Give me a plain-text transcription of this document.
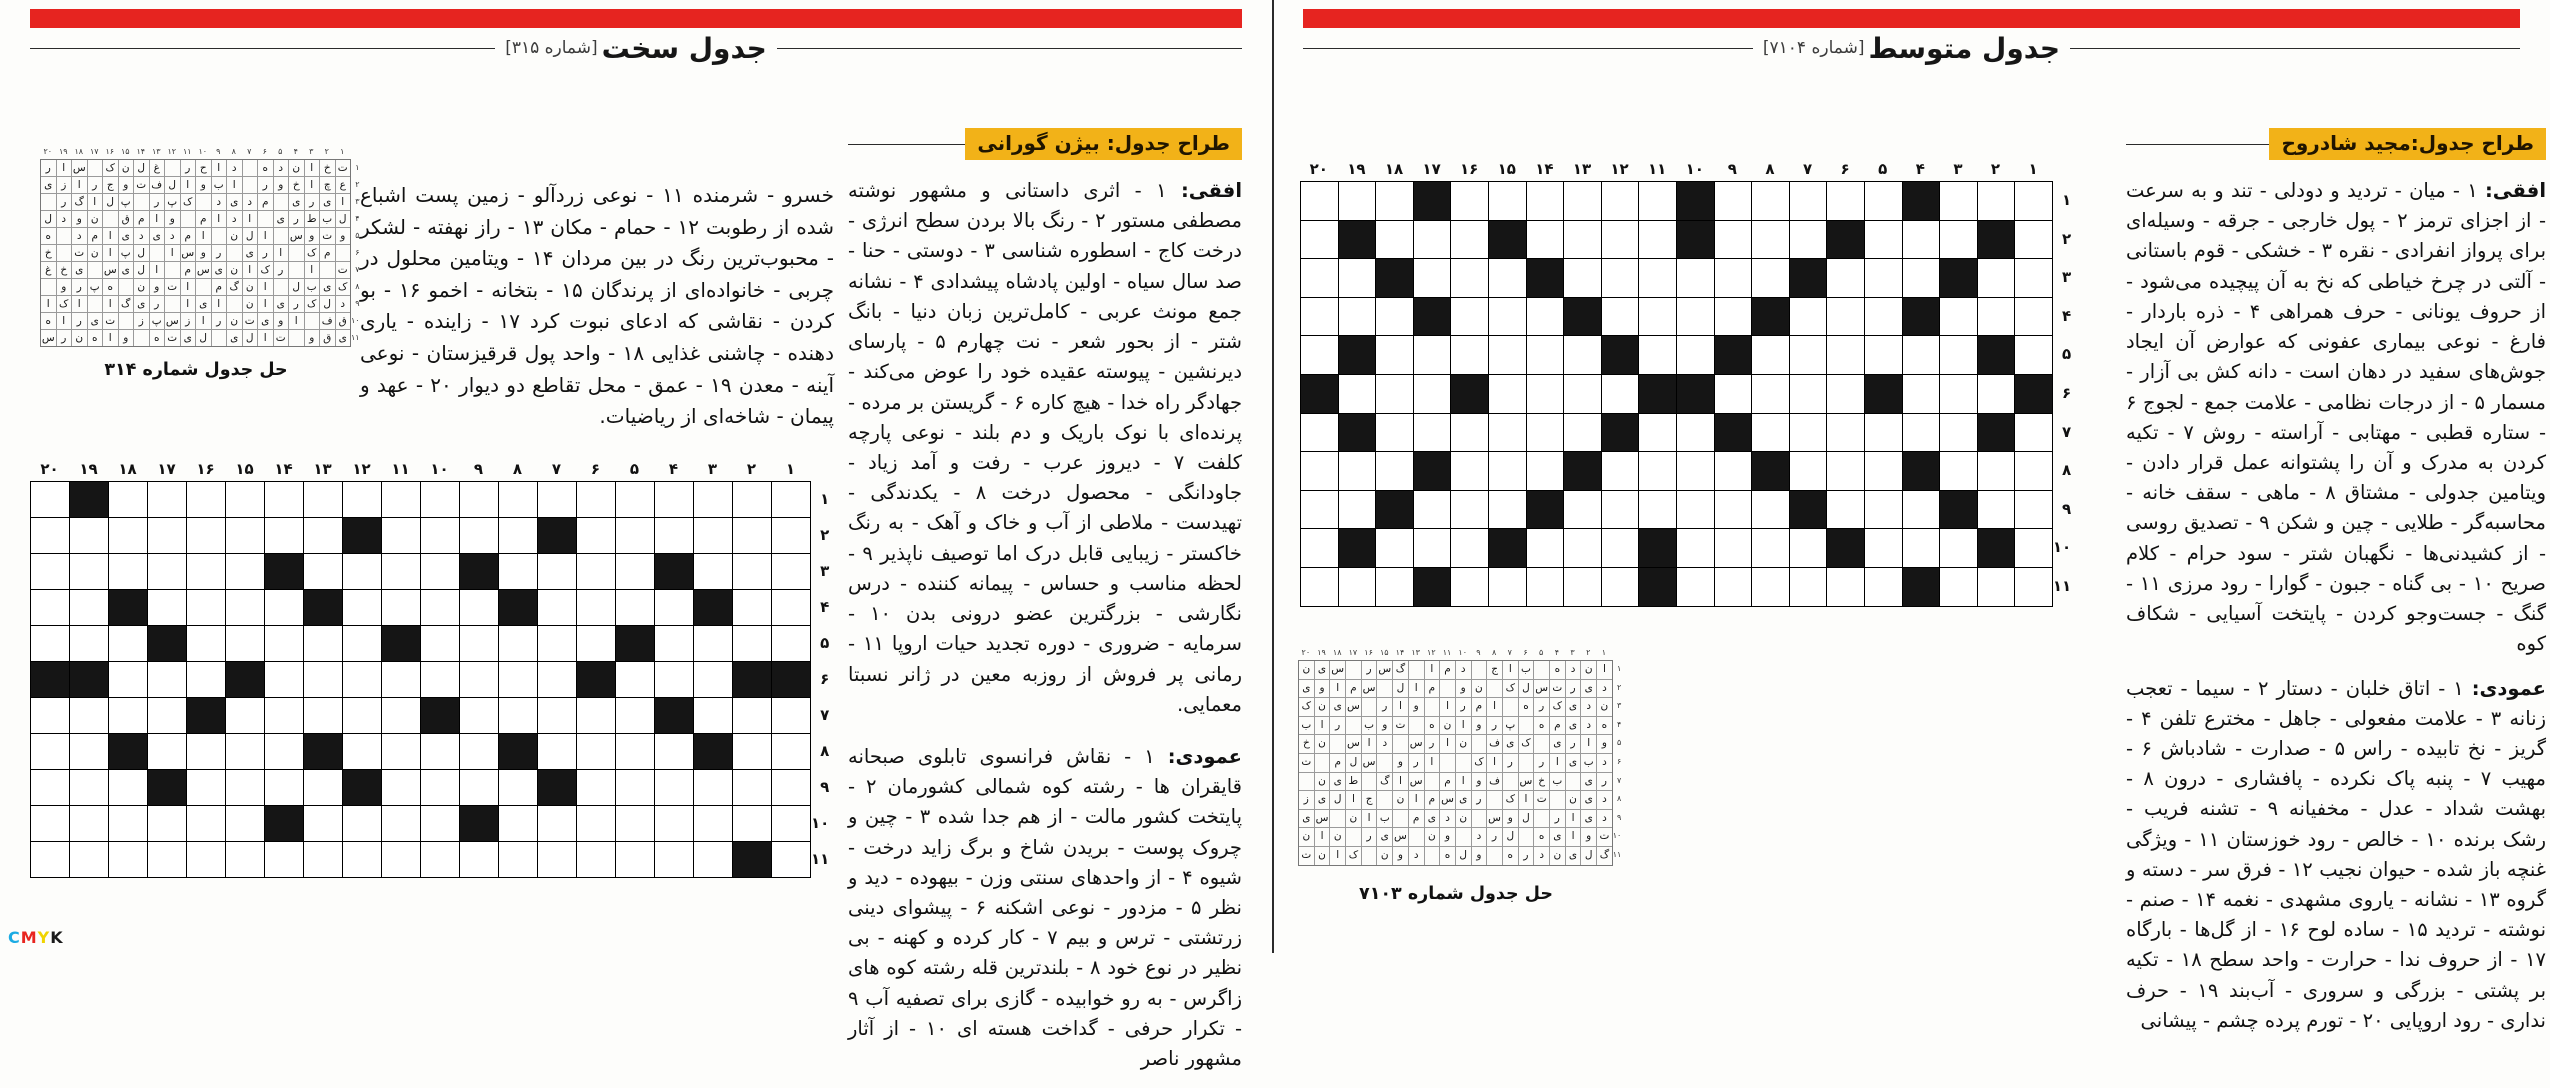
جدول سخت
[شماره ۳۱۵]
۲۰ ۱۹ ۱۸ ۱۷ ۱۶ ۱۵ ۱۴ ۱۳ ۱۲ ۱۱ ۱۰	۹	۸	۷	۶	۵	۴	۳	۲	۱
ر	ا س ک ن ل غ	ر ح	ا	د	ه د ن ا	خ ت
ی ز	ا	ر ج و ت ف ل ا	و ب ا	ر و خ	ا	چ ع
ر گ ا ل پ	ر پ ک	د ی د م	ی ر ی ا
ل د	و ن	ق م	ا	و	م	ا	د	ا	ی ر ط ب ل
ه	د م	ا ی د ی د م	ا	ن ل ا	س و ت و
خ	ت ن ا پ ل	ا س و ر	ی ر	ا	ک م
غ خ ی س ی ل ا	م س ی ن ا ک ر	ا	ت
و ر پ ه	ن و ت ا	م گ ن ا	ل ب ی ک
ا ک ا	ا گ ی ر	ا ی ا	ن ا ی ر ک ل د
ه	ا	ر ی ت	ز پ س ز	ا	ر ن ت ی و	ا	ف ق
س ر ن ه	ا	و	ه ت ی ل	ی ل ا ت	و ق ی
۱
۲
۳
۴
۵
۶
۷
۸
۹
۱۰
۱۱
حل جدول شماره ۳۱۴
خسرو - شرمنده ۱۱ - نوعی زردآلو - زمین پست اشباع شده از رطوبت ۱۲ - حمام - مکان ۱۳ - راز نهفته - لشکر - محبوب‌ترین رنگ در بین مردان ۱۴ - ویتامین محلول در چربی - خانواده‌ای از پرندگان ۱۵ - بتخانه - اخمو ۱۶ - بو کردن - نقاشی که ادعای نبوت کرد ۱۷ - زاینده - یاری دهنده - چاشنی غذایی ۱۸ - واحد پول قرقیزستان - نوعی آینه - معدن ۱۹ - عمق - محل تقاطع دو دیوار ۲۰ - عهد و پیمان - شاخه‌ای از ریاضیات.
طراح جدول: بیژن گورانی

افقی: ۱ - اثری داستانی و مشهور نوشته مصطفی مستور ۲ - رنگ بالا بردن سطح انرژی - درخت کاج - اسطوره شناسی ۳ - دوستی - حنا - صد سال سیاه - اولین پادشاه پیشدادی ۴ - نشانه جمع مونث عربی - کامل‌ترین زبان دنیا - بانگ شتر - از بحور شعر - نت چهارم ۵ - پارسای دیرنشین - پیوسته عقیده خود را عوض می‌کند - جهادگر راه خدا - هیچ کاره ۶ - گریستن بر مرده - پرنده‌ای با نوک باریک و دم بلند - نوعی پارچه کلفت ۷ - دیروز عرب - رفت و آمد زیاد - جاودانگی - محصول درخت ۸ - یکدندگی - تهیدست - ملاطی از آب و خاک و آهک - به رنگ خاکستر - زیبایی قابل درک اما توصیف ناپذیر ۹ - لحظه مناسب و حساس - پیمانه کننده - درس نگارشی - بزرگترین عضو درونی بدن ۱۰ - سرمایه - ضروری - دوره تجدید حیات اروپا ۱۱ - رمانی پر فروش از روزبه معین در ژانر نسبتا معمایی.

عمودی: ۱ - نقاش فرانسوی تابلوی صبحانه قایقران ها - رشته کوه شمالی کشورمان ۲ - پایتخت کشور مالت - از هم جدا شده ۳ - چین و چروک پوست - بریدن شاخ و برگ زاید درخت - شیوه ۴ - از واحدهای سنتی وزن - بیهوده - دید و نظر ۵ - مزدور - نوعی اشکنه ۶ - پیشوای دینی زرتشتی - ترس و بیم ۷ - کار کرده و کهنه - بی نظیر در نوع خود ۸ - بلندترین قله رشته کوه های زاگرس - به رو خوابیده - گازی برای تصفیه آب ۹ - تکرار حرفی - گداخت هسته ای ۱۰ - از آثار مشهور ناصر

۲۰	۱۹	۱۸	۱۷	۱۶	۱۵	۱۴	۱۳	۱۲	۱۱	۱۰	۹	۸	۷	۶	۵	۴	۳	۲	۱
۱
۲
۳
۴
۵
۶
۷
۸
۹
۱۰
۱۱
CMYK
جدول متوسط
[شماره ۷۱۰۴]
۲۰	۱۹	۱۸	۱۷	۱۶	۱۵	۱۴	۱۳	۱۲	۱۱	۱۰	۹	۸	۷	۶	۵	۴	۳	۲	۱
۱
۲
۳
۴
۵
۶
۷
۸
۹
۱۰
۱۱
۲۰ ۱۹ ۱۸ ۱۷ ۱۶ ۱۵ ۱۴ ۱۳ ۱۲ ۱۱ ۱۰	۹	۸	۷	۶	۵	۴	۳	۲	۱
ن ی س	ر س گ	ا	م د	ج	ا ب	ه	د ن ا
ی و	ا	م س	ل ا	م	و ن	ک ل س ت ر ی د
ک ن ی س	ر	ا	و	ا	ر م	ا	ه ر ک ی د ن
ب ا	ر	ب و ت	ه ن ا	و	ر پ	ه م ی د	ه
خ ن	س ا	د	س ر	ا ن	ف ی ک	ی ر	ا	و
ت	م ل س	و	ر	ا	ک ا	ر	ر	ا ی ب د
ن ی ط گ ا س	م	ا	و ف س خ ب	ی ر
ز ی ل ا	ج	ن ا	م س ی ر	ک ا ت	ن ی د
ی س	ن ا ب	م ی د ن	س و ل	ر	ا ی د
ن ا ن	ر ی س	ن و	د	ر ل	ه ی ا	و ت
ت ن ا ک	ن و	د	ه ل و	ه ر	د ن ی ل گ
۱
۲
۳
۴
۵
۶
۷
۸
۹
۱۰
۱۱
حل جدول شماره ۷۱۰۳
طراح جدول:مجید شادروح

افقی: ۱ - میان - تردید و دودلی - تند و به سرعت - از اجزای ترمز ۲ - پول خارجی - جرقه - وسیله‌ای برای پرواز انفرادی - نقره ۳ - خشکی - قوم باستانی - آلتی در چرخ خیاطی که نخ به آن پیچیده می‌شود - از حروف یونانی - حرف همراهی ۴ - ذره باردار - فارغ - نوعی بیماری عفونی که عوارض آن ایجاد جوش‌های سفید در دهان است - دانه کش بی آزار - مسمار ۵ - از درجات نظامی - علامت جمع - لجوج ۶ - ستاره قطبی - مهتابی - آراسته - روش ۷ - تکیه کردن به مدرک و آن را پشتوانه عمل قرار دادن - ویتامین جدولی - مشتاق ۸ - ماهی - سقف خانه - محاسبه‌گر - طلایی - چین و شکن ۹ - تصدیق روسی - از کشیدنی‌ها - نگهبان شتر - سود حرام - کلام صریح ۱۰ - بی گناه - جبون - گوارا - رود مرزی ۱۱ - گنگ - جست‌وجو کردن - پایتخت آسیایی - شکاف کوه

عمودی: ۱ - اتاق خلبان - دستار ۲ - سیما - تعجب زنانه ۳ - علامت مفعولی - جاهل - مخترع تلفن ۴ - گریز - نخ تابیده - راس ۵ - صدارت - شادباش ۶ - مهیب ۷ - پنبه پاک نکرده - پافشاری - درون ۸ - بهشت شداد - عدل - مخفیانه ۹ - تشنه فریب - رشک برنده ۱۰ - خالص - رود خوزستان ۱۱ - ویژگی غنچه باز شده - حیوان نجیب ۱۲ - فرق سر - دسته و گروه ۱۳ - نشانه - یاروی مشهدی - نغمه ۱۴ - صنم - نوشته - تردید ۱۵ - ساده لوح ۱۶ - از گل‌ها - بارگاه ۱۷ - از حروف ندا - حرارت - واحد سطح ۱۸ - تکیه بر پشتی - بزرگی و سروری - آب‌بند ۱۹ - حرف نداری - رود اروپایی ۲۰ - تورم پرده چشم - پیشانی
